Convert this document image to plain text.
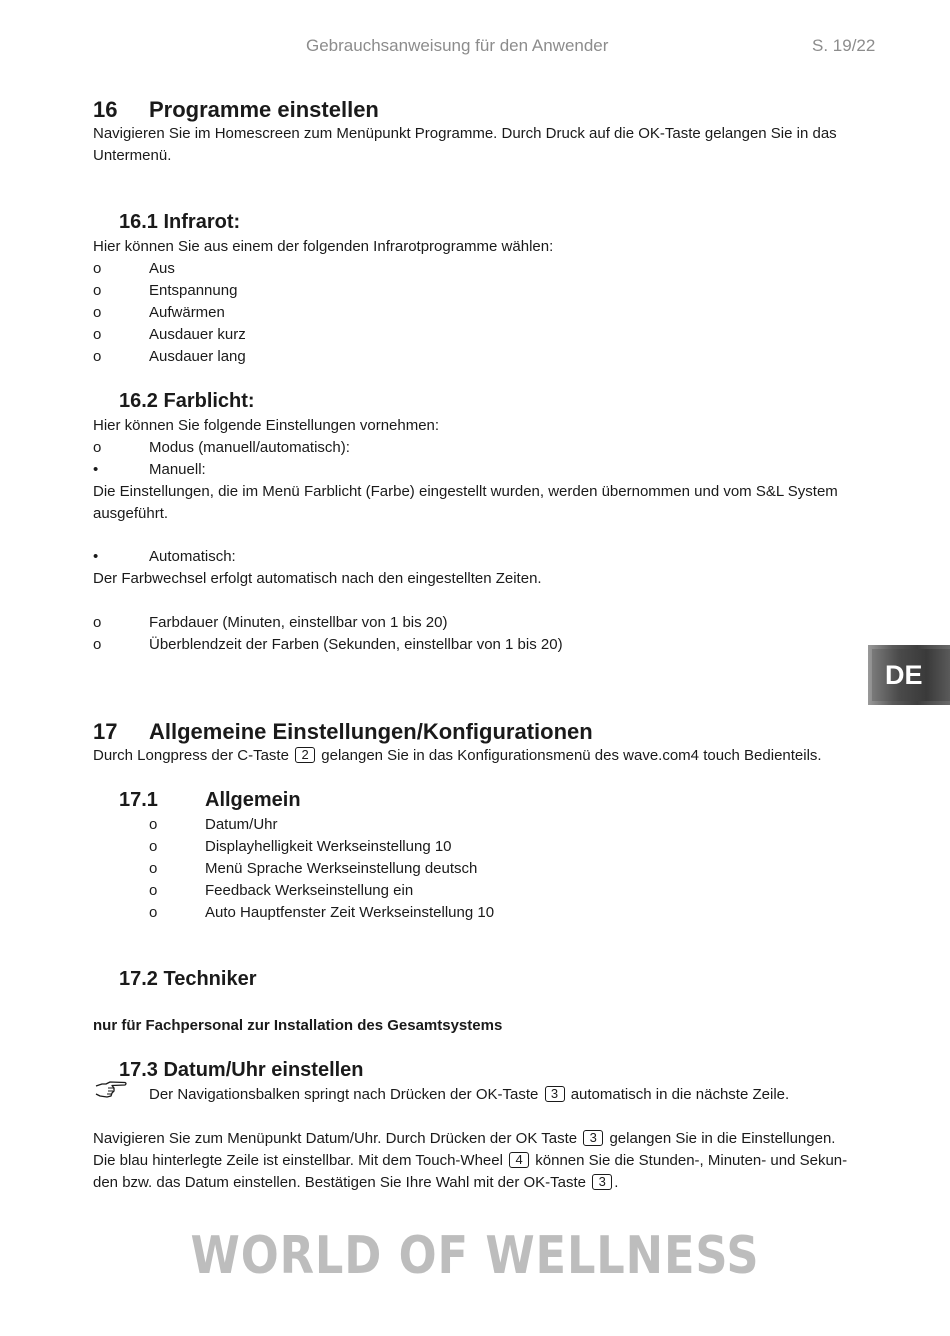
Gebrauchsanweisung für den Anwender	S. 19/22
16 Programme einstellen
Navigieren Sie im Homescreen zum Menüpunkt Programme. Durch Druck auf die OK-Taste gelangen Sie in das
Untermenü.
16.1 Infrarot:
Hier können Sie aus einem der folgenden Infrarotprogramme wählen:
o	Aus
o	Entspannung
o	Aufwärmen
o	Ausdauer kurz
o	Ausdauer lang
16.2 Farblicht:
Hier können Sie folgende Einstellungen vornehmen:
o	Modus (manuell/automatisch):
•	Manuell:
Die Einstellungen, die im Menü Farblicht (Farbe) eingestellt wurden, werden übernommen und vom S&L System
ausgeführt.
•	Automatisch:
Der Farbwechsel erfolgt automatisch nach den eingestellten Zeiten.
o	Farbdauer (Minuten, einstellbar von 1 bis 20)
o	Überblendzeit der Farben (Sekunden, einstellbar von 1 bis 20)
DE
17 Allgemeine Einstellungen/Konfigurationen
Durch Longpress der C-Taste 2 gelangen Sie in das Konfigurationsmenü des wave.com4 touch Bedienteils.
17.1 Allgemein
o	Datum/Uhr
o	Displayhelligkeit Werkseinstellung 10
o	Menü Sprache Werkseinstellung deutsch
o	Feedback Werkseinstellung ein
o	Auto Hauptfenster Zeit Werkseinstellung 10
17.2 Techniker
nur für Fachpersonal zur Installation des Gesamtsystems
17.3 Datum/Uhr einstellen
Der Navigationsbalken springt nach Drücken der OK-Taste 3 automatisch in die nächste Zeile.
Navigieren Sie zum Menüpunkt Datum/Uhr. Durch Drücken der OK Taste 3 gelangen Sie in die Einstellungen.
Die blau hinterlegte Zeile ist einstellbar. Mit dem Touch-Wheel 4 können Sie die Stunden-, Minuten- und Sekun-
den bzw. das Datum einstellen. Bestätigen Sie Ihre Wahl mit der OK-Taste 3 .
WORLD OF WELLNESS
